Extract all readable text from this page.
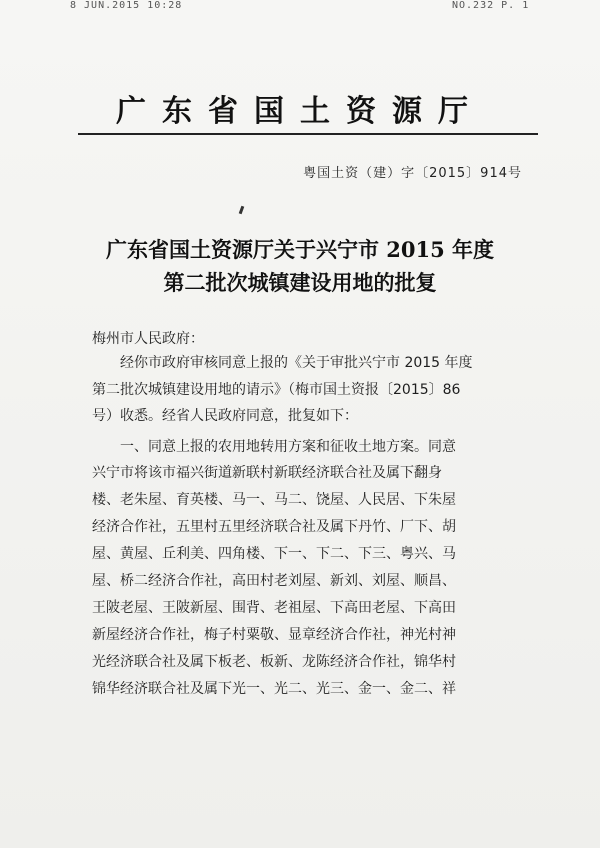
8 JUN.2015 10:28	NO.232 P. 1
广东省国土资源厅
粤国土资（建）字〔2015〕914号
广东省国土资源厅关于兴宁市 2015 年度
第二批次城镇建设用地的批复
梅州市人民政府：
　　经你市政府审核同意上报的《关于审批兴宁市 2015 年度
第二批次城镇建设用地的请示》（梅市国土资报〔2015〕86
号）收悉。经省人民政府同意，批复如下：
　　一、同意上报的农用地转用方案和征收土地方案。同意
兴宁市将该市福兴街道新联村新联经济联合社及属下翻身
楼、老朱屋、育英楼、马一、马二、饶屋、人民居、下朱屋
经济合作社，五里村五里经济联合社及属下丹竹、厂下、胡
屋、黄屋、丘利美、四角楼、下一、下二、下三、粤兴、马
屋、桥二经济合作社，高田村老刘屋、新刘、刘屋、顺昌、
王陂老屋、王陂新屋、围背、老祖屋、下高田老屋、下高田
新屋经济合作社，梅子村粟敬、显章经济合作社，神光村神
光经济联合社及属下板老、板新、龙陈经济合作社，锦华村
锦华经济联合社及属下光一、光二、光三、金一、金二、祥
